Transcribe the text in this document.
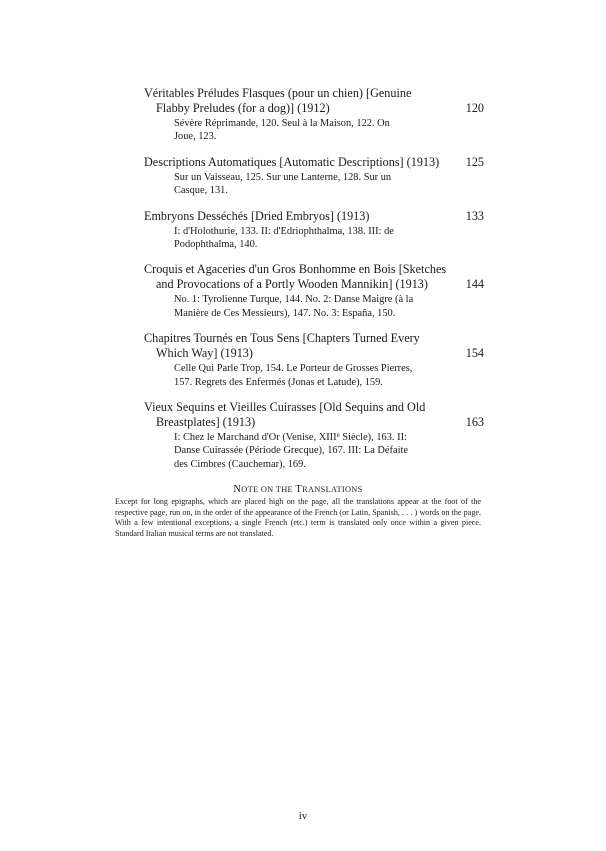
Véritables Préludes Flasques (pour un chien) [Genuine
Flabby Preludes (for a dog)] (1912)	120
Sévère Réprimande, 120. Seul à la Maison, 122. On
Joue, 123.
Descriptions Automatiques [Automatic Descriptions] (1913) 125
Sur un Vaisseau, 125. Sur une Lanterne, 128. Sur un
Casque, 131.
Embryons Desséchés [Dried Embryos] (1913)	133
I: d'Holothurie, 133. II: d'Edriophthalma, 138. III: de
Podophthalma, 140.
Croquis et Agaceries d'un Gros Bonhomme en Bois [Sketches
and Provocations of a Portly Wooden Mannikin] (1913)	144
No. 1: Tyrolienne Turque, 144. No. 2: Danse Maigre (à la
Manière de Ces Messieurs), 147. No. 3: España, 150.
Chapitres Tournés en Tous Sens [Chapters Turned Every
Which Way] (1913)	154
Celle Qui Parle Trop, 154. Le Porteur de Grosses Pierres,
157. Regrets des Enfermés (Jonas et Latude), 159.
Vieux Sequins et Vieilles Cuirasses [Old Sequins and Old
Breastplates] (1913)	163
I: Chez le Marchand d'Or (Venise, XIIIe Siècle), 163. II:
Danse Cuirassée (Période Grecque), 167. III: La Défaite
des Cimbres (Cauchemar), 169.
NOTE ON THE TRANSLATIONS
Except for long epigraphs, which are placed high on the page, all the translations appear at the foot of the respective page, run on, in the order of the appearance of the French (or Latin, Spanish, . . . ) words on the page. With a few intentional exceptions, a single French (etc.) term is translated only once within a given piece. Standard Italian musical terms are not translated.
iv
